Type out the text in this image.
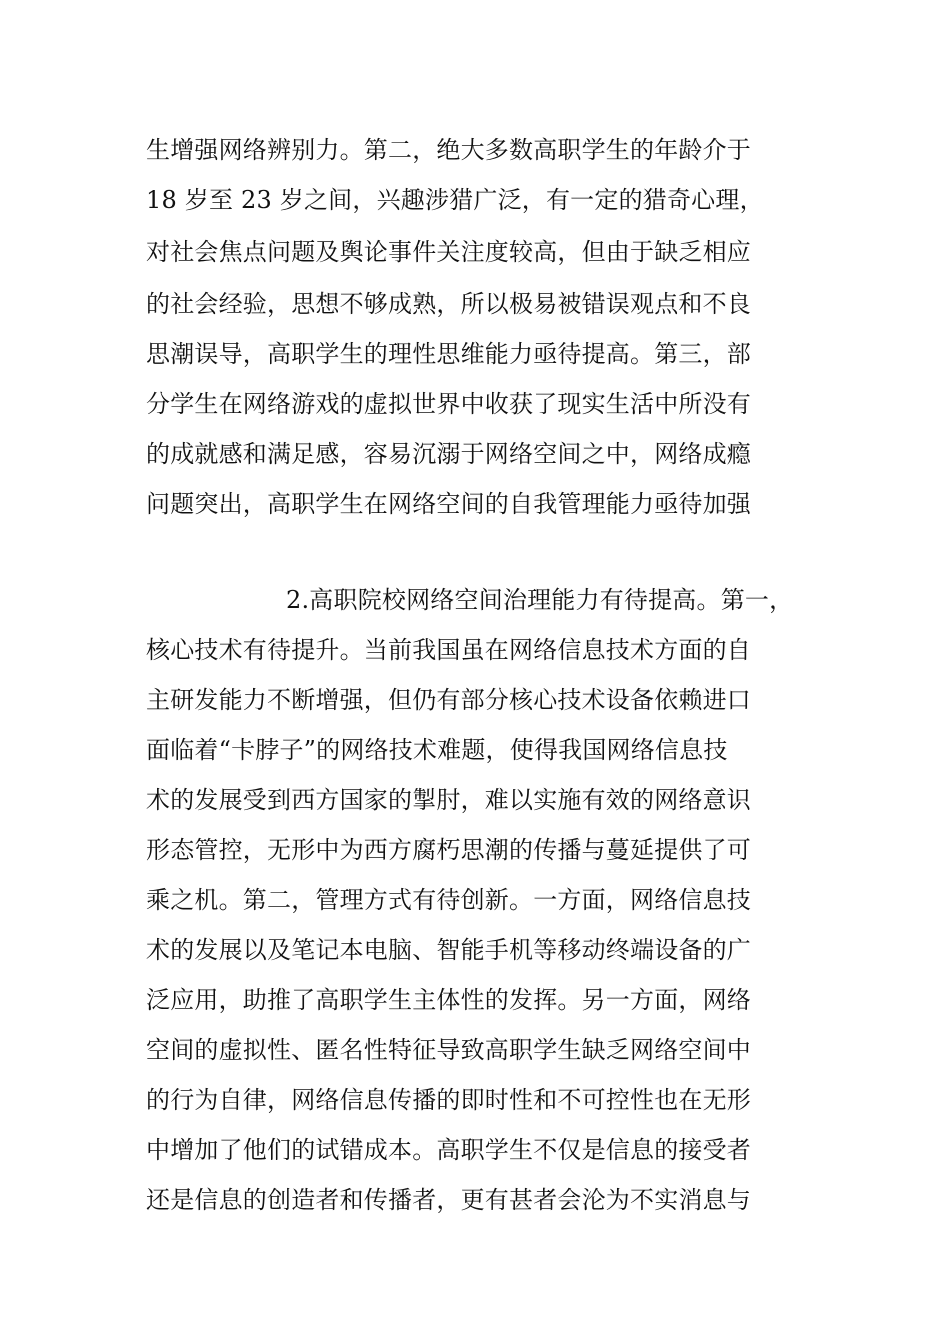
生增强网络辨别力。第二，绝大多数高职学生的年龄介于
18 岁至 23 岁之间，兴趣涉猎广泛，有一定的猎奇心理，
对社会焦点问题及舆论事件关注度较高，但由于缺乏相应
的社会经验，思想不够成熟，所以极易被错误观点和不良
思潮误导，高职学生的理性思维能力亟待提高。第三，部
分学生在网络游戏的虚拟世界中收获了现实生活中所没有
的成就感和满足感，容易沉溺于网络空间之中，网络成瘾
问题突出，高职学生在网络空间的自我管理能力亟待加强
2.高职院校网络空间治理能力有待提高。第一，
核心技术有待提升。当前我国虽在网络信息技术方面的自
主研发能力不断增强，但仍有部分核心技术设备依赖进口
面临着“卡脖子”的网络技术难题，使得我国网络信息技
术的发展受到西方国家的掣肘，难以实施有效的网络意识
形态管控，无形中为西方腐朽思潮的传播与蔓延提供了可
乘之机。第二，管理方式有待创新。一方面，网络信息技
术的发展以及笔记本电脑、智能手机等移动终端设备的广
泛应用，助推了高职学生主体性的发挥。另一方面，网络
空间的虚拟性、匿名性特征导致高职学生缺乏网络空间中
的行为自律，网络信息传播的即时性和不可控性也在无形
中增加了他们的试错成本。高职学生不仅是信息的接受者
还是信息的创造者和传播者，更有甚者会沦为不实消息与
